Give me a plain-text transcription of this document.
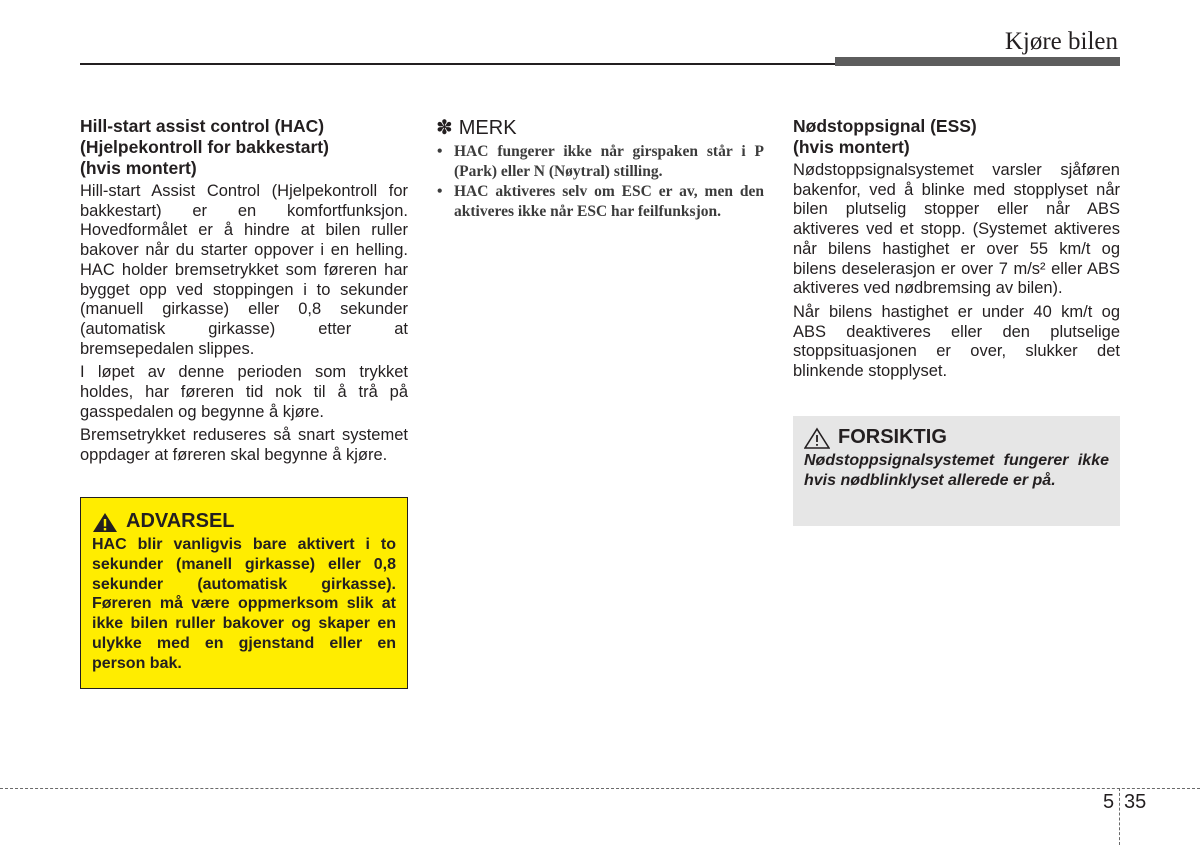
Kjøre bilen
Hill-start assist control (HAC)
(Hjelpekontroll for bakkestart)
(hvis montert)

Hill-start Assist Control (Hjelpekontroll for bakkestart) er en komfortfunksjon. Hovedformålet er å hindre at bilen ruller bakover når du starter oppover i en helling. HAC holder bremsetrykket som føreren har bygget opp ved stoppingen i to sekunder (manuell girkasse) eller 0,8 sekunder (automatisk girkasse) etter at bremsepedalen slippes.

I løpet av denne perioden som trykket holdes, har føreren tid nok til å trå på gasspedalen og begynne å kjøre.

Bremsetrykket reduseres så snart systemet oppdager at føreren skal begynne å kjøre.

ADVARSEL

HAC blir vanligvis bare aktivert i to sekunder (manell girkasse) eller 0,8 sekunder (automatisk girkasse). Føreren må være oppmerksom slik at ikke bilen ruller bakover og skaper en ulykke med en gjenstand eller en person bak.

✽ MERK
• HAC fungerer ikke når girspaken står i P (Park) eller N (Nøytral) stilling.
• HAC aktiveres selv om ESC er av, men den aktiveres ikke når ESC har feilfunksjon.
Nødstoppsignal (ESS)
(hvis montert)

Nødstoppsignalsystemet varsler sjåføren bakenfor, ved å blinke med stopplyset når bilen plutselig stopper eller når ABS aktiveres ved et stopp. (Systemet aktiveres når bilens hastighet er over 55 km/t og bilens deselerasjon er over 7 m/s² eller ABS aktiveres ved nødbremsing av bilen).

Når bilens hastighet er under 40 km/t og ABS deaktiveres eller den plutselige stoppsituasjonen er over, slukker det blinkende stopplyset.

FORSIKTIG

Nødstoppsignalsystemet fungerer ikke hvis nødblinklyset allerede er på.

5 35
